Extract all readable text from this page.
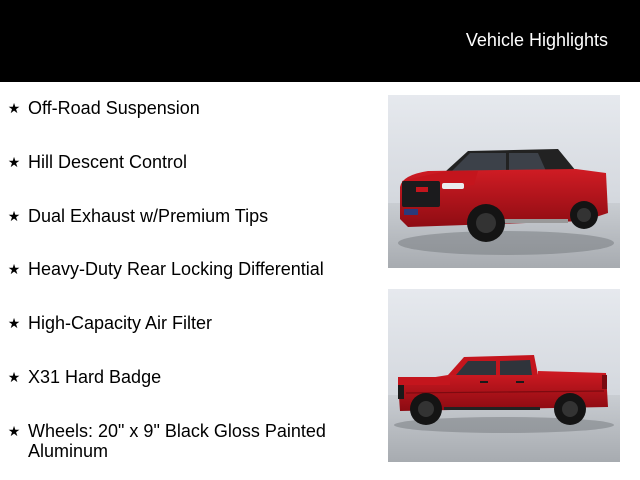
Vehicle Highlights
★ Off-Road Suspension
★ Hill Descent Control
★ Dual Exhaust w/Premium Tips
★ Heavy-Duty Rear Locking Differential
★ High-Capacity Air Filter
★ X31 Hard Badge
★ Wheels: 20" x 9" Black Gloss Painted Aluminum
